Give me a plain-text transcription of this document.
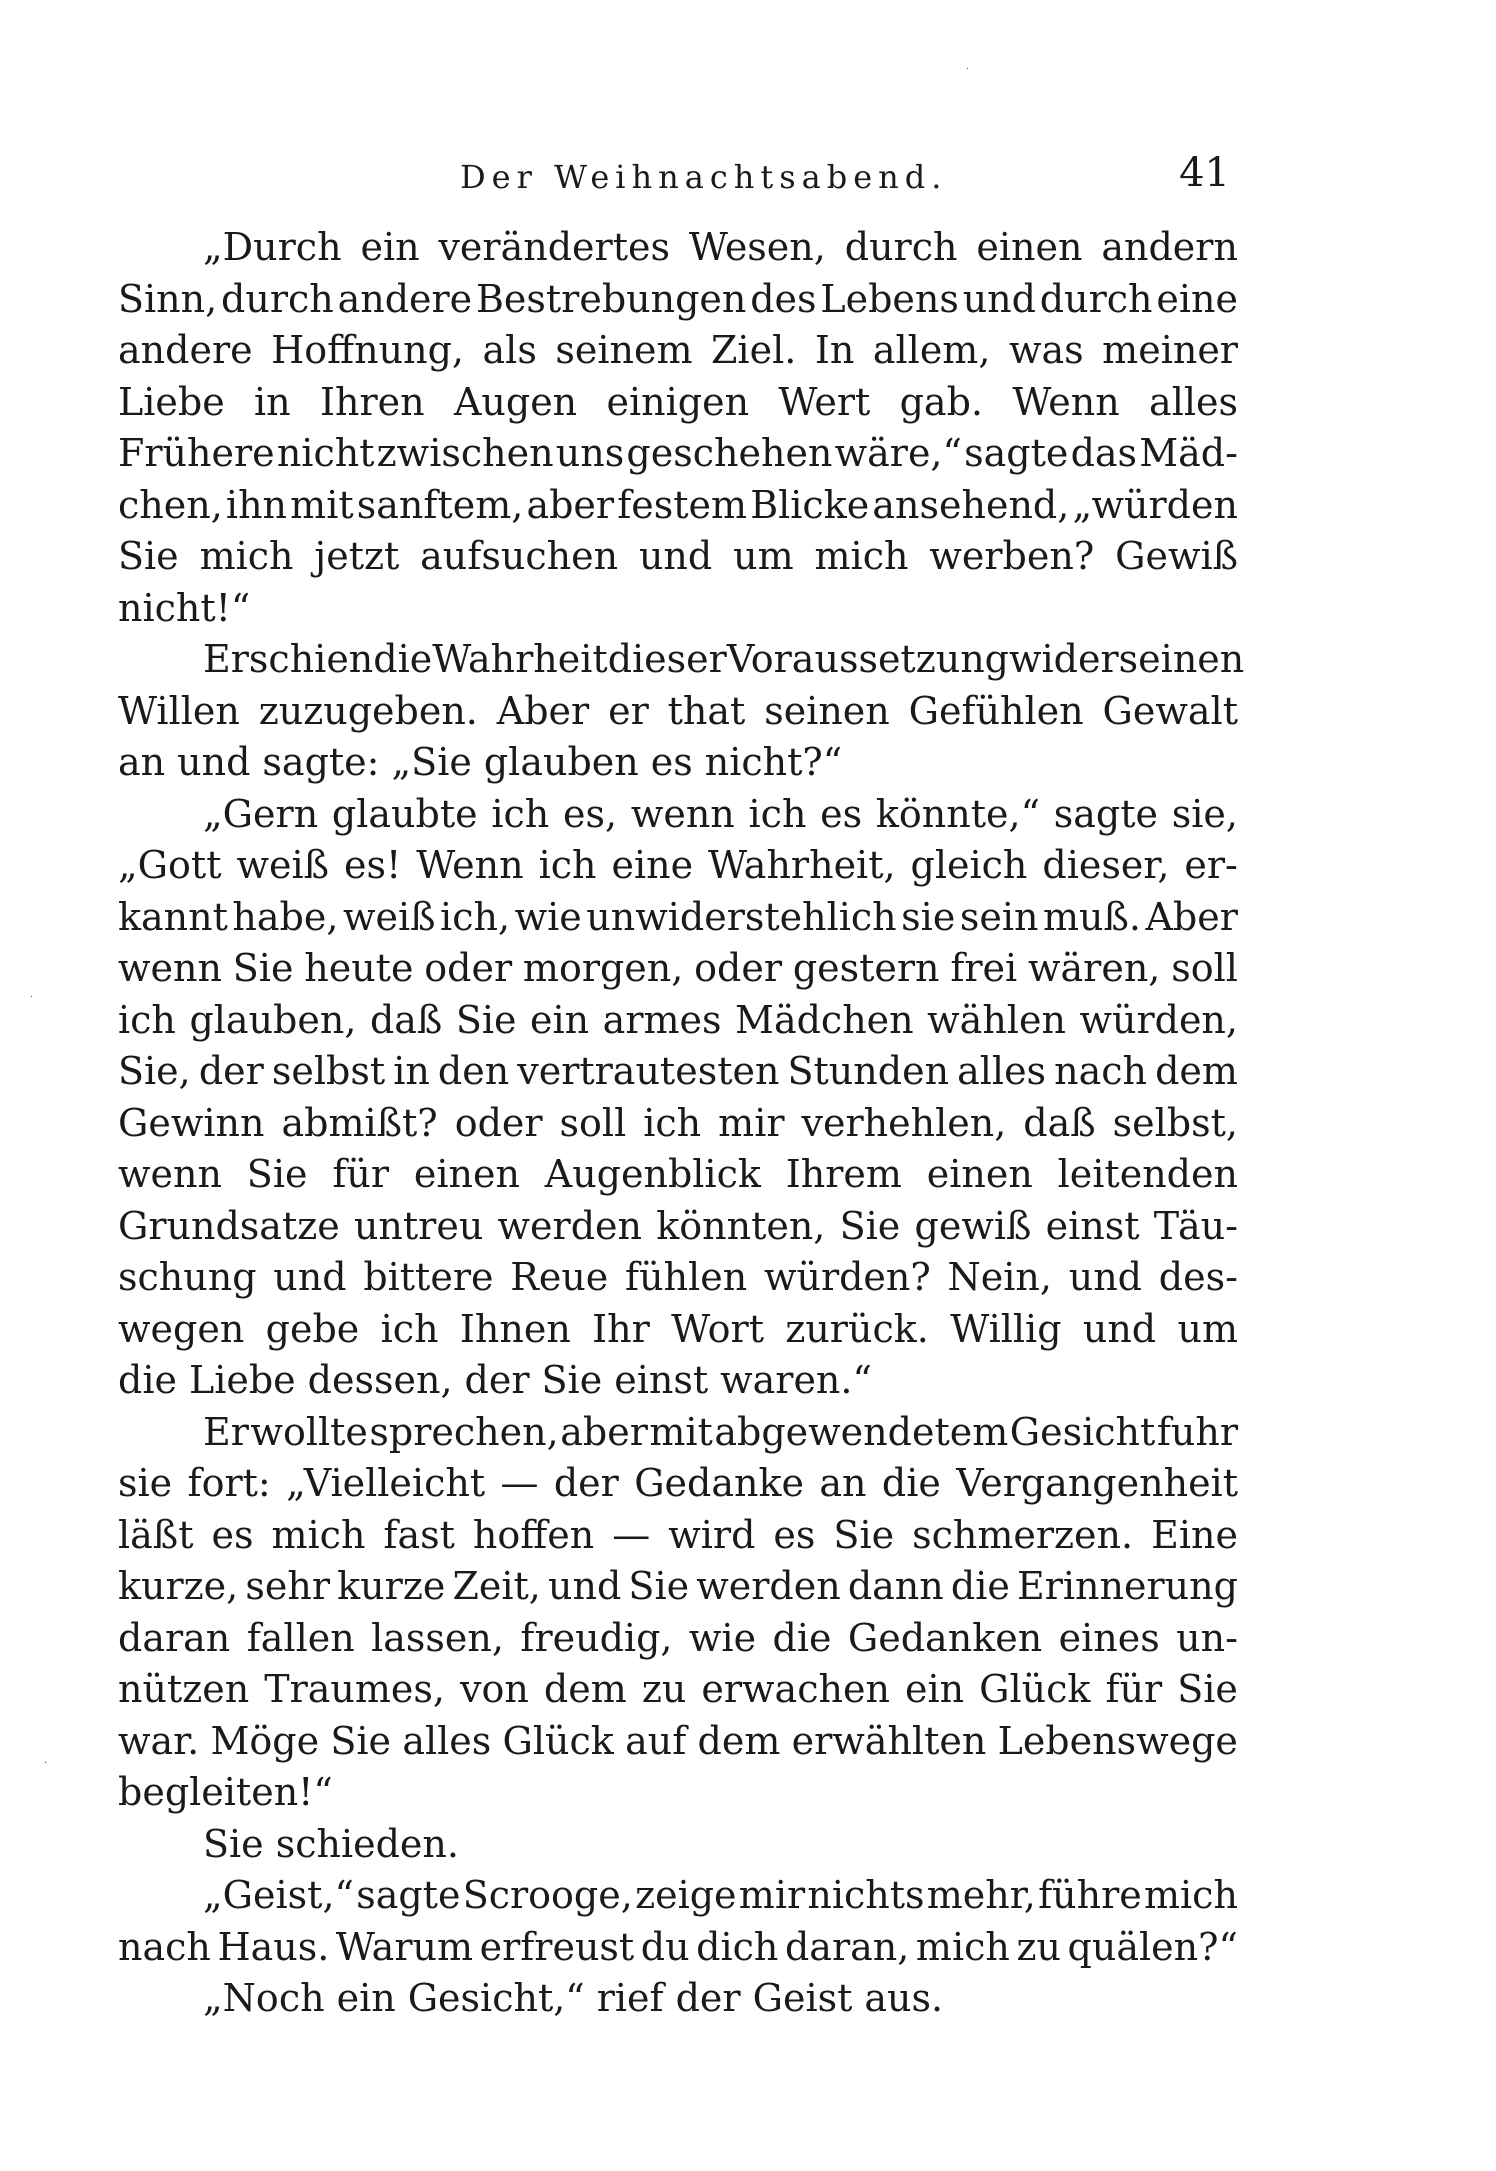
Der Weihnachtsabend.	41
„Durch ein verändertes Wesen, durch einen andern
Sinn, durch andere Bestrebungen des Lebens und durch eine
andere Hoffnung, als seinem Ziel. In allem, was meiner
Liebe in Ihren Augen einigen Wert gab. Wenn alles
Frühere nicht zwischen uns geschehen wäre,“ sagte das Mäd-
chen, ihn mit sanftem, aber festem Blicke ansehend, „würden
Sie mich jetzt aufsuchen und um mich werben? Gewiß
nicht!“
Er schien die Wahrheit dieser Voraussetzung wider seinen
Willen zuzugeben. Aber er that seinen Gefühlen Gewalt
an und sagte: „Sie glauben es nicht?“
„Gern glaubte ich es, wenn ich es könnte,“ sagte sie,
„Gott weiß es! Wenn ich eine Wahrheit, gleich dieser, er-
kannt habe, weiß ich, wie unwiderstehlich sie sein muß. Aber
wenn Sie heute oder morgen, oder gestern frei wären, soll
ich glauben, daß Sie ein armes Mädchen wählen würden,
Sie, der selbst in den vertrautesten Stunden alles nach dem
Gewinn abmißt? oder soll ich mir verhehlen, daß selbst,
wenn Sie für einen Augenblick Ihrem einen leitenden
Grundsatze untreu werden könnten, Sie gewiß einst Täu-
schung und bittere Reue fühlen würden? Nein, und des-
wegen gebe ich Ihnen Ihr Wort zurück. Willig und um
die Liebe dessen, der Sie einst waren.“
Er wollte sprechen, aber mit abgewendetem Gesicht fuhr
sie fort: „Vielleicht — der Gedanke an die Vergangenheit
läßt es mich fast hoffen — wird es Sie schmerzen. Eine
kurze, sehr kurze Zeit, und Sie werden dann die Erinnerung
daran fallen lassen, freudig, wie die Gedanken eines un-
nützen Traumes, von dem zu erwachen ein Glück für Sie
war. Möge Sie alles Glück auf dem erwählten Lebenswege
begleiten!“
Sie schieden.
„Geist,“ sagte Scrooge, zeige mir nichts mehr, führe mich
nach Haus. Warum erfreust du dich daran, mich zu quälen?“
„Noch ein Gesicht,“ rief der Geist aus.
·
·
·
